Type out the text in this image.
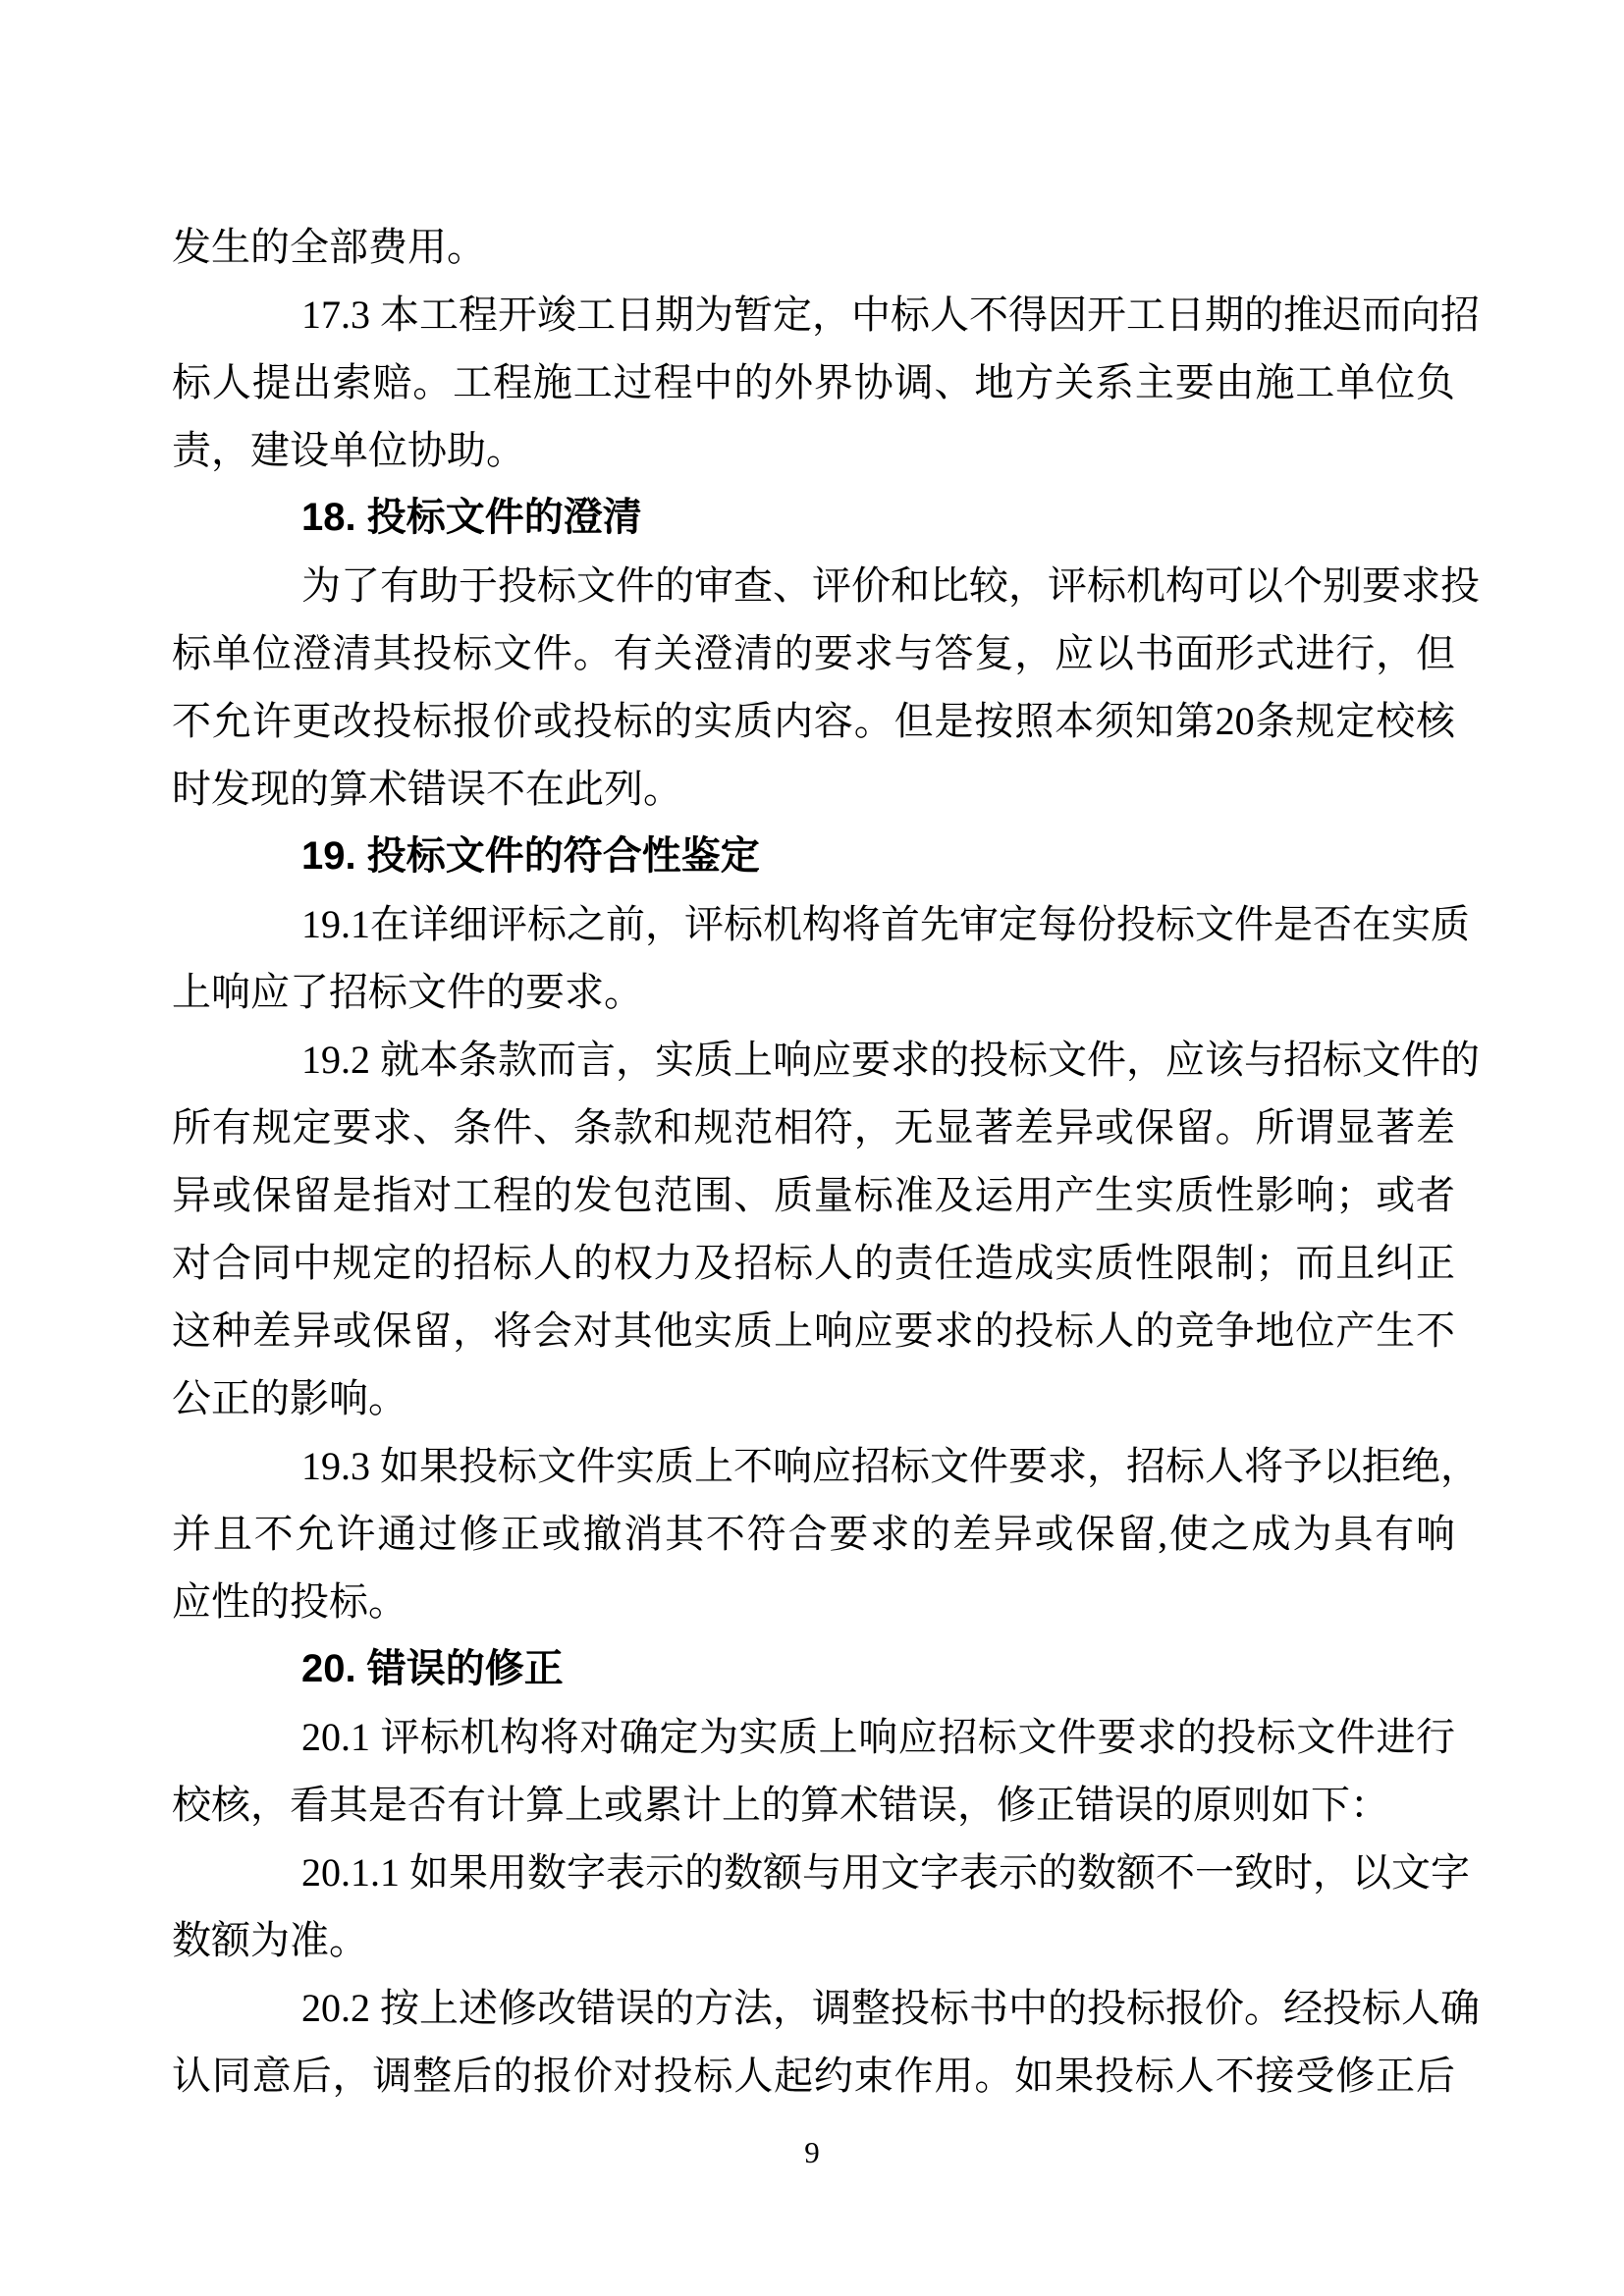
发生的全部费用。
17.3 本工程开竣工日期为暂定，中标人不得因开工日期的推迟而向招
标人提出索赔。工程施工过程中的外界协调、地方关系主要由施工单位负
责，建设单位协助。
18. 投标文件的澄清
为了有助于投标文件的审查、评价和比较，评标机构可以个别要求投
标单位澄清其投标文件。有关澄清的要求与答复，应以书面形式进行，但
不允许更改投标报价或投标的实质内容。但是按照本须知第20条规定校核
时发现的算术错误不在此列。
19. 投标文件的符合性鉴定
19.1在详细评标之前，评标机构将首先审定每份投标文件是否在实质
上响应了招标文件的要求。
19.2 就本条款而言，实质上响应要求的投标文件，应该与招标文件的
所有规定要求、条件、条款和规范相符，无显著差异或保留。所谓显著差
异或保留是指对工程的发包范围、质量标准及运用产生实质性影响；或者
对合同中规定的招标人的权力及招标人的责任造成实质性限制；而且纠正
这种差异或保留，将会对其他实质上响应要求的投标人的竞争地位产生不
公正的影响。
19.3 如果投标文件实质上不响应招标文件要求，招标人将予以拒绝，
并且不允许通过修正或撤消其不符合要求的差异或保留,使之成为具有响
应性的投标。
20. 错误的修正
20.1 评标机构将对确定为实质上响应招标文件要求的投标文件进行
校核，看其是否有计算上或累计上的算术错误，修正错误的原则如下：
20.1.1 如果用数字表示的数额与用文字表示的数额不一致时，以文字
数额为准。
20.2 按上述修改错误的方法，调整投标书中的投标报价。经投标人确
认同意后，调整后的报价对投标人起约束作用。如果投标人不接受修正后
9
